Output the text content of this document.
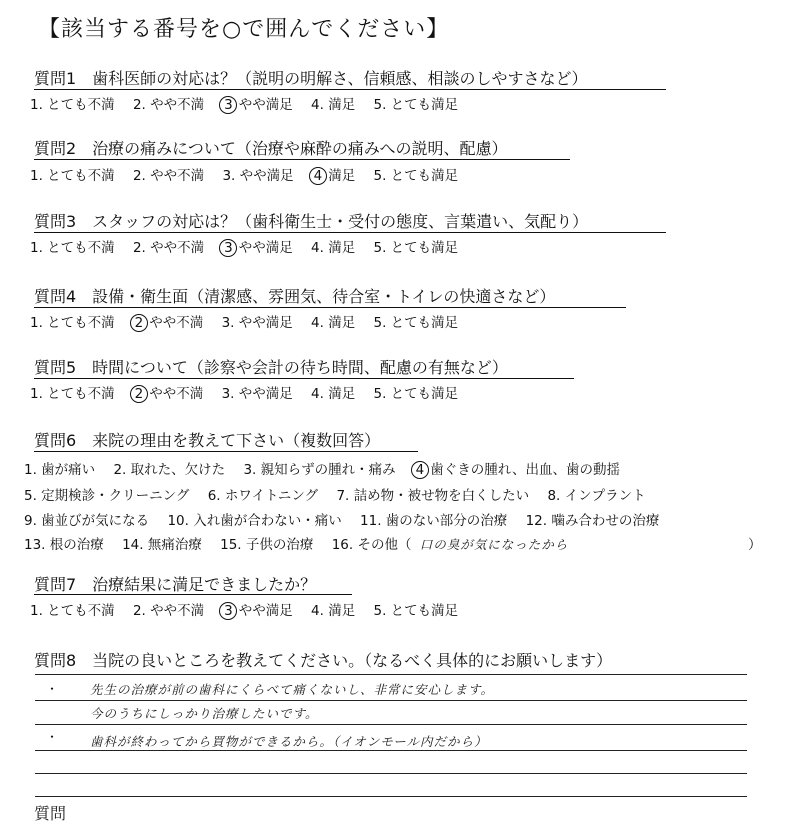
【該当する番号を○で囲んでください】
質問1　歯科医師の対応は？（説明の明解さ、信頼感、相談のしやすさなど）
1. とても不満 2. やや不満 3 やや満足 4. 満足 5. とても満足
質問2　治療の痛みについて（治療や麻酔の痛みへの説明、配慮）
1. とても不満 2. やや不満 3. やや満足 4 満足 5. とても満足
質問3　スタッフの対応は？（歯科衛生士・受付の態度、言葉遣い、気配り）
1. とても不満 2. やや不満 3 やや満足 4. 満足 5. とても満足
質問4　設備・衛生面（清潔感、雰囲気、待合室・トイレの快適さなど）
1. とても不満 2 やや不満 3. やや満足 4. 満足 5. とても満足
質問5　時間について（診察や会計の待ち時間、配慮の有無など）
1. とても不満 2 やや不満 3. やや満足 4. 満足 5. とても満足
質問6　来院の理由を教えて下さい（複数回答）
1. 歯が痛い 2. 取れた、欠けた 3. 親知らずの腫れ・痛み 4 歯ぐきの腫れ、出血、歯の動揺
5. 定期検診・クリーニング 6. ホワイトニング 7. 詰め物・被せ物を白くしたい 8. インプラント
9. 歯並びが気になる 10. 入れ歯が合わない・痛い 11. 歯のない部分の治療 12. 噛み合わせの治療
13. 根の治療 14. 無痛治療 15. 子供の治療 16. その他（ 口の臭が気になったから	）
質問7　治療結果に満足できましたか？
1. とても不満 2. やや不満 3 やや満足 4. 満足 5. とても満足
質問8　当院の良いところを教えてください。（なるべく具体的にお願いします）
・	先生の治療が前の歯科にくらべて痛くないし、非常に安心します。
今のうちにしっかり治療したいです。
・	歯科が終わってから買物ができるから。（イオンモール内だから）
質問　　　　　　　
